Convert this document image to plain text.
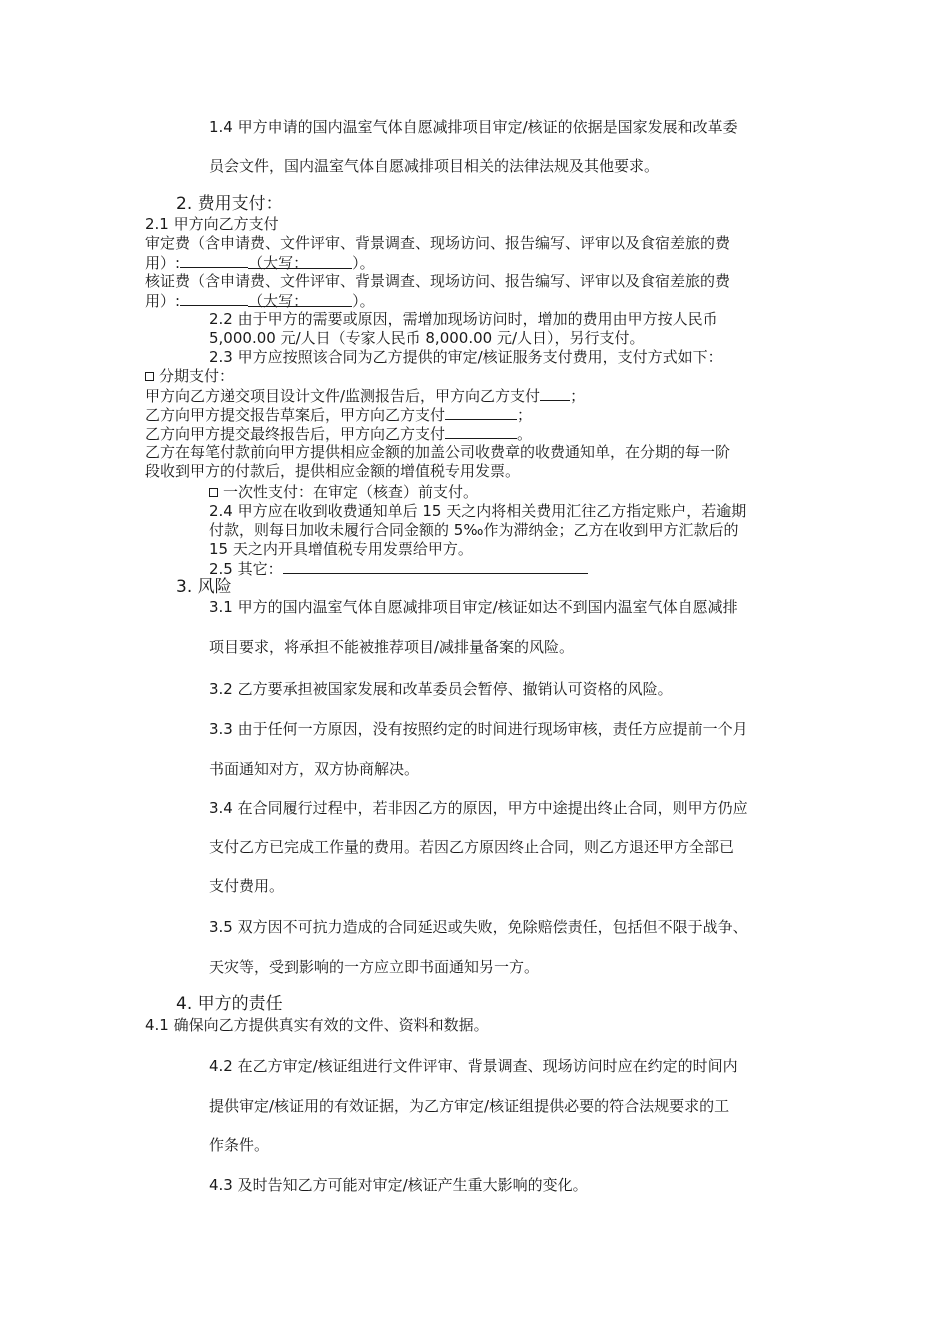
1.4 甲方申请的国内温室气体自愿减排项目审定/核证的依据是国家发展和改革委
员会文件，国内温室气体自愿减排项目相关的法律法规及其他要求。
2. 费用支付：
2.1 甲方向乙方支付
审定费（含申请费、文件评审、背景调查、现场访问、报告编写、评审以及食宿差旅的费
用）:	（大写：	）。
核证费（含申请费、文件评审、背景调查、现场访问、报告编写、评审以及食宿差旅的费
用）:	（大写：	）。
2.2 由于甲方的需要或原因，需增加现场访问时，增加的费用由甲方按人民币
5,000.00 元/人日（专家人民币 8,000.00 元/人日），另行支付。
2.3 甲方应按照该合同为乙方提供的审定/核证服务支付费用，支付方式如下：
分期支付：
甲方向乙方递交项目设计文件/监测报告后，甲方向乙方支付 ；
乙方向甲方提交报告草案后，甲方向乙方支付	；
乙方向甲方提交最终报告后，甲方向乙方支付	。
乙方在每笔付款前向甲方提供相应金额的加盖公司收费章的收费通知单，在分期的每一阶
段收到甲方的付款后，提供相应金额的增值税专用发票。
一次性支付：在审定（核查）前支付。
2.4 甲方应在收到收费通知单后 15 天之内将相关费用汇往乙方指定账户，若逾期
付款，则每日加收未履行合同金额的 5‰作为滞纳金；乙方在收到甲方汇款后的
15 天之内开具增值税专用发票给甲方。
2.5 其它：
3. 风险
3.1 甲方的国内温室气体自愿减排项目审定/核证如达不到国内温室气体自愿减排
项目要求，将承担不能被推荐项目/减排量备案的风险。
3.2 乙方要承担被国家发展和改革委员会暂停、撤销认可资格的风险。
3.3 由于任何一方原因，没有按照约定的时间进行现场审核，责任方应提前一个月
书面通知对方，双方协商解决。
3.4 在合同履行过程中，若非因乙方的原因，甲方中途提出终止合同，则甲方仍应
支付乙方已完成工作量的费用。若因乙方原因终止合同，则乙方退还甲方全部已
支付费用。
3.5 双方因不可抗力造成的合同延迟或失败，免除赔偿责任，包括但不限于战争、
天灾等，受到影响的一方应立即书面通知另一方。
4. 甲方的责任
4.1 确保向乙方提供真实有效的文件、资料和数据。
4.2 在乙方审定/核证组进行文件评审、背景调查、现场访问时应在约定的时间内
提供审定/核证用的有效证据，为乙方审定/核证组提供必要的符合法规要求的工
作条件。
4.3 及时告知乙方可能对审定/核证产生重大影响的变化。
